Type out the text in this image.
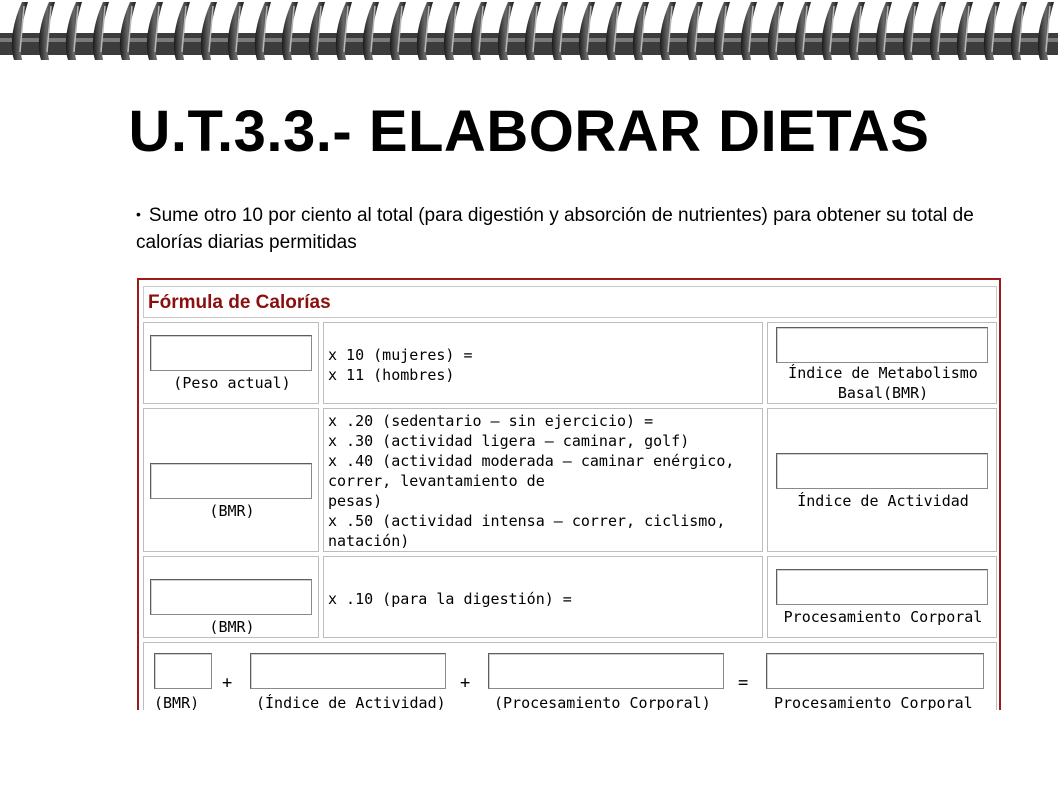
U.T.3.3.- ELABORAR DIETAS
• Sume otro 10 por ciento al total (para digestión y absorción de nutrientes) para obtener su total de calorías diarias permitidas
Fórmula de Calorías
(Peso actual)
x 10 (mujeres) =
x 11 (hombres)	Índice de Metabolismo
Basal(BMR)
(BMR)
x .20 (sedentario – sin ejercicio) =
x .30 (actividad ligera – caminar, golf)
x .40 (actividad moderada – caminar enérgico,
correr, levantamiento de
pesas)
x .50 (actividad intensa – correr, ciclismo,
natación)
Índice de Actividad
(BMR)
x .10 (para la digestión) =
Procesamiento Corporal
(BMR)
+
(Índice de Actividad)
+
(Procesamiento Corporal)
=
Procesamiento Corporal
